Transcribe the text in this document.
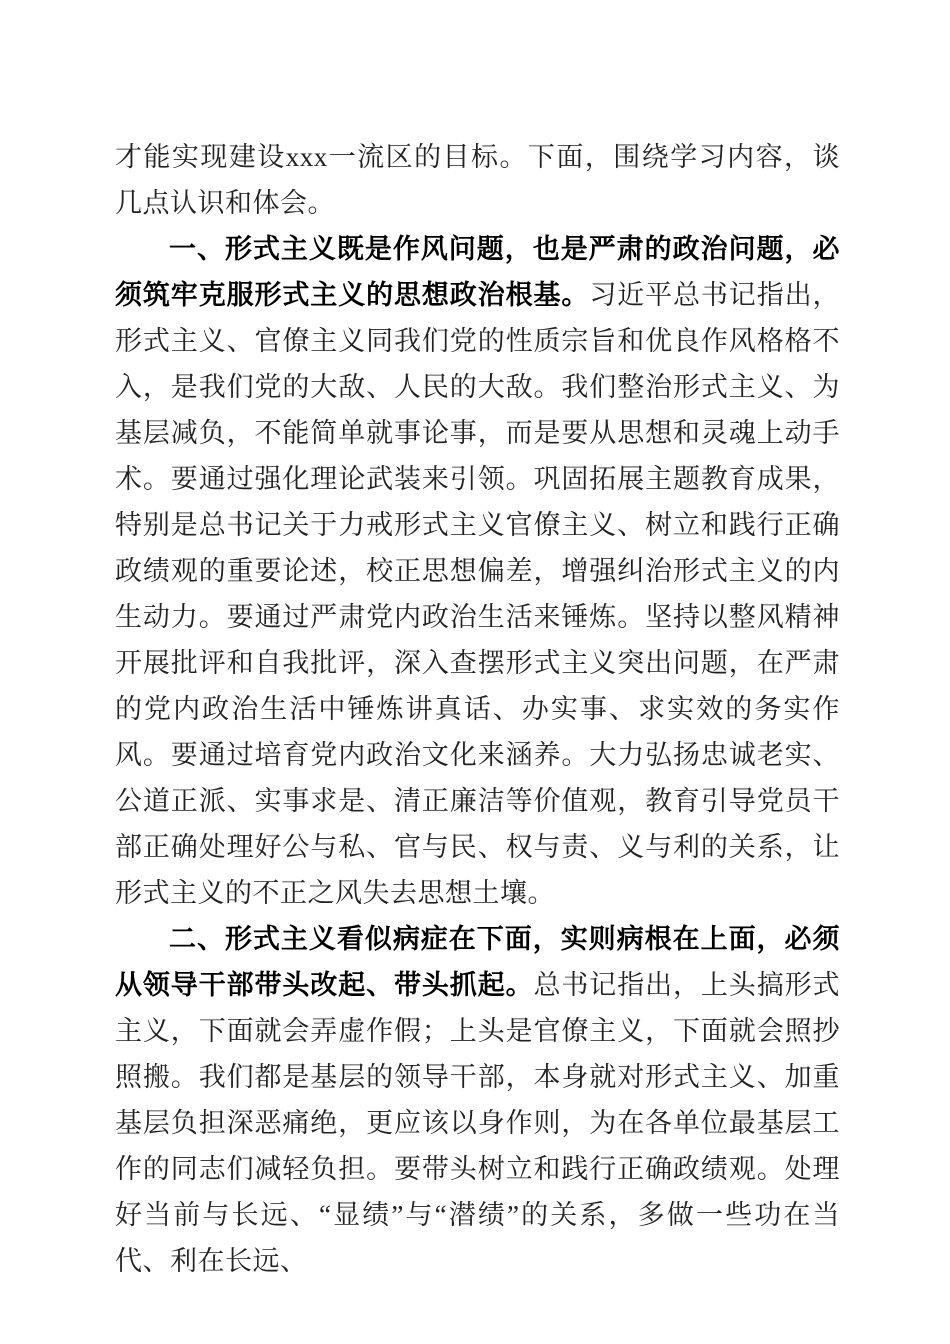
才能实现建设xxx一流区的目标。下面，围绕学习内容，谈几点认识和体会。

一、形式主义既是作风问题，也是严肃的政治问题，必须筑牢克服形式主义的思想政治根基。习近平总书记指出，形式主义、官僚主义同我们党的性质宗旨和优良作风格格不入，是我们党的大敌、人民的大敌。我们整治形式主义、为基层减负，不能简单就事论事，而是要从思想和灵魂上动手术。要通过强化理论武装来引领。巩固拓展主题教育成果，特别是总书记关于力戒形式主义官僚主义、树立和践行正确政绩观的重要论述，校正思想偏差，增强纠治形式主义的内生动力。要通过严肃党内政治生活来锤炼。坚持以整风精神开展批评和自我批评，深入查摆形式主义突出问题，在严肃的党内政治生活中锤炼讲真话、办实事、求实效的务实作风。要通过培育党内政治文化来涵养。大力弘扬忠诚老实、公道正派、实事求是、清正廉洁等价值观，教育引导党员干部正确处理好公与私、官与民、权与责、义与利的关系，让形式主义的不正之风失去思想土壤。

二、形式主义看似病症在下面，实则病根在上面，必须从领导干部带头改起、带头抓起。总书记指出，上头搞形式主义，下面就会弄虚作假；上头是官僚主义，下面就会照抄照搬。我们都是基层的领导干部，本身就对形式主义、加重基层负担深恶痛绝，更应该以身作则，为在各单位最基层工作的同志们减轻负担。要带头树立和践行正确政绩观。处理好当前与长远、“显绩”与“潜绩”的关系，多做一些功在当代、利在长远、
